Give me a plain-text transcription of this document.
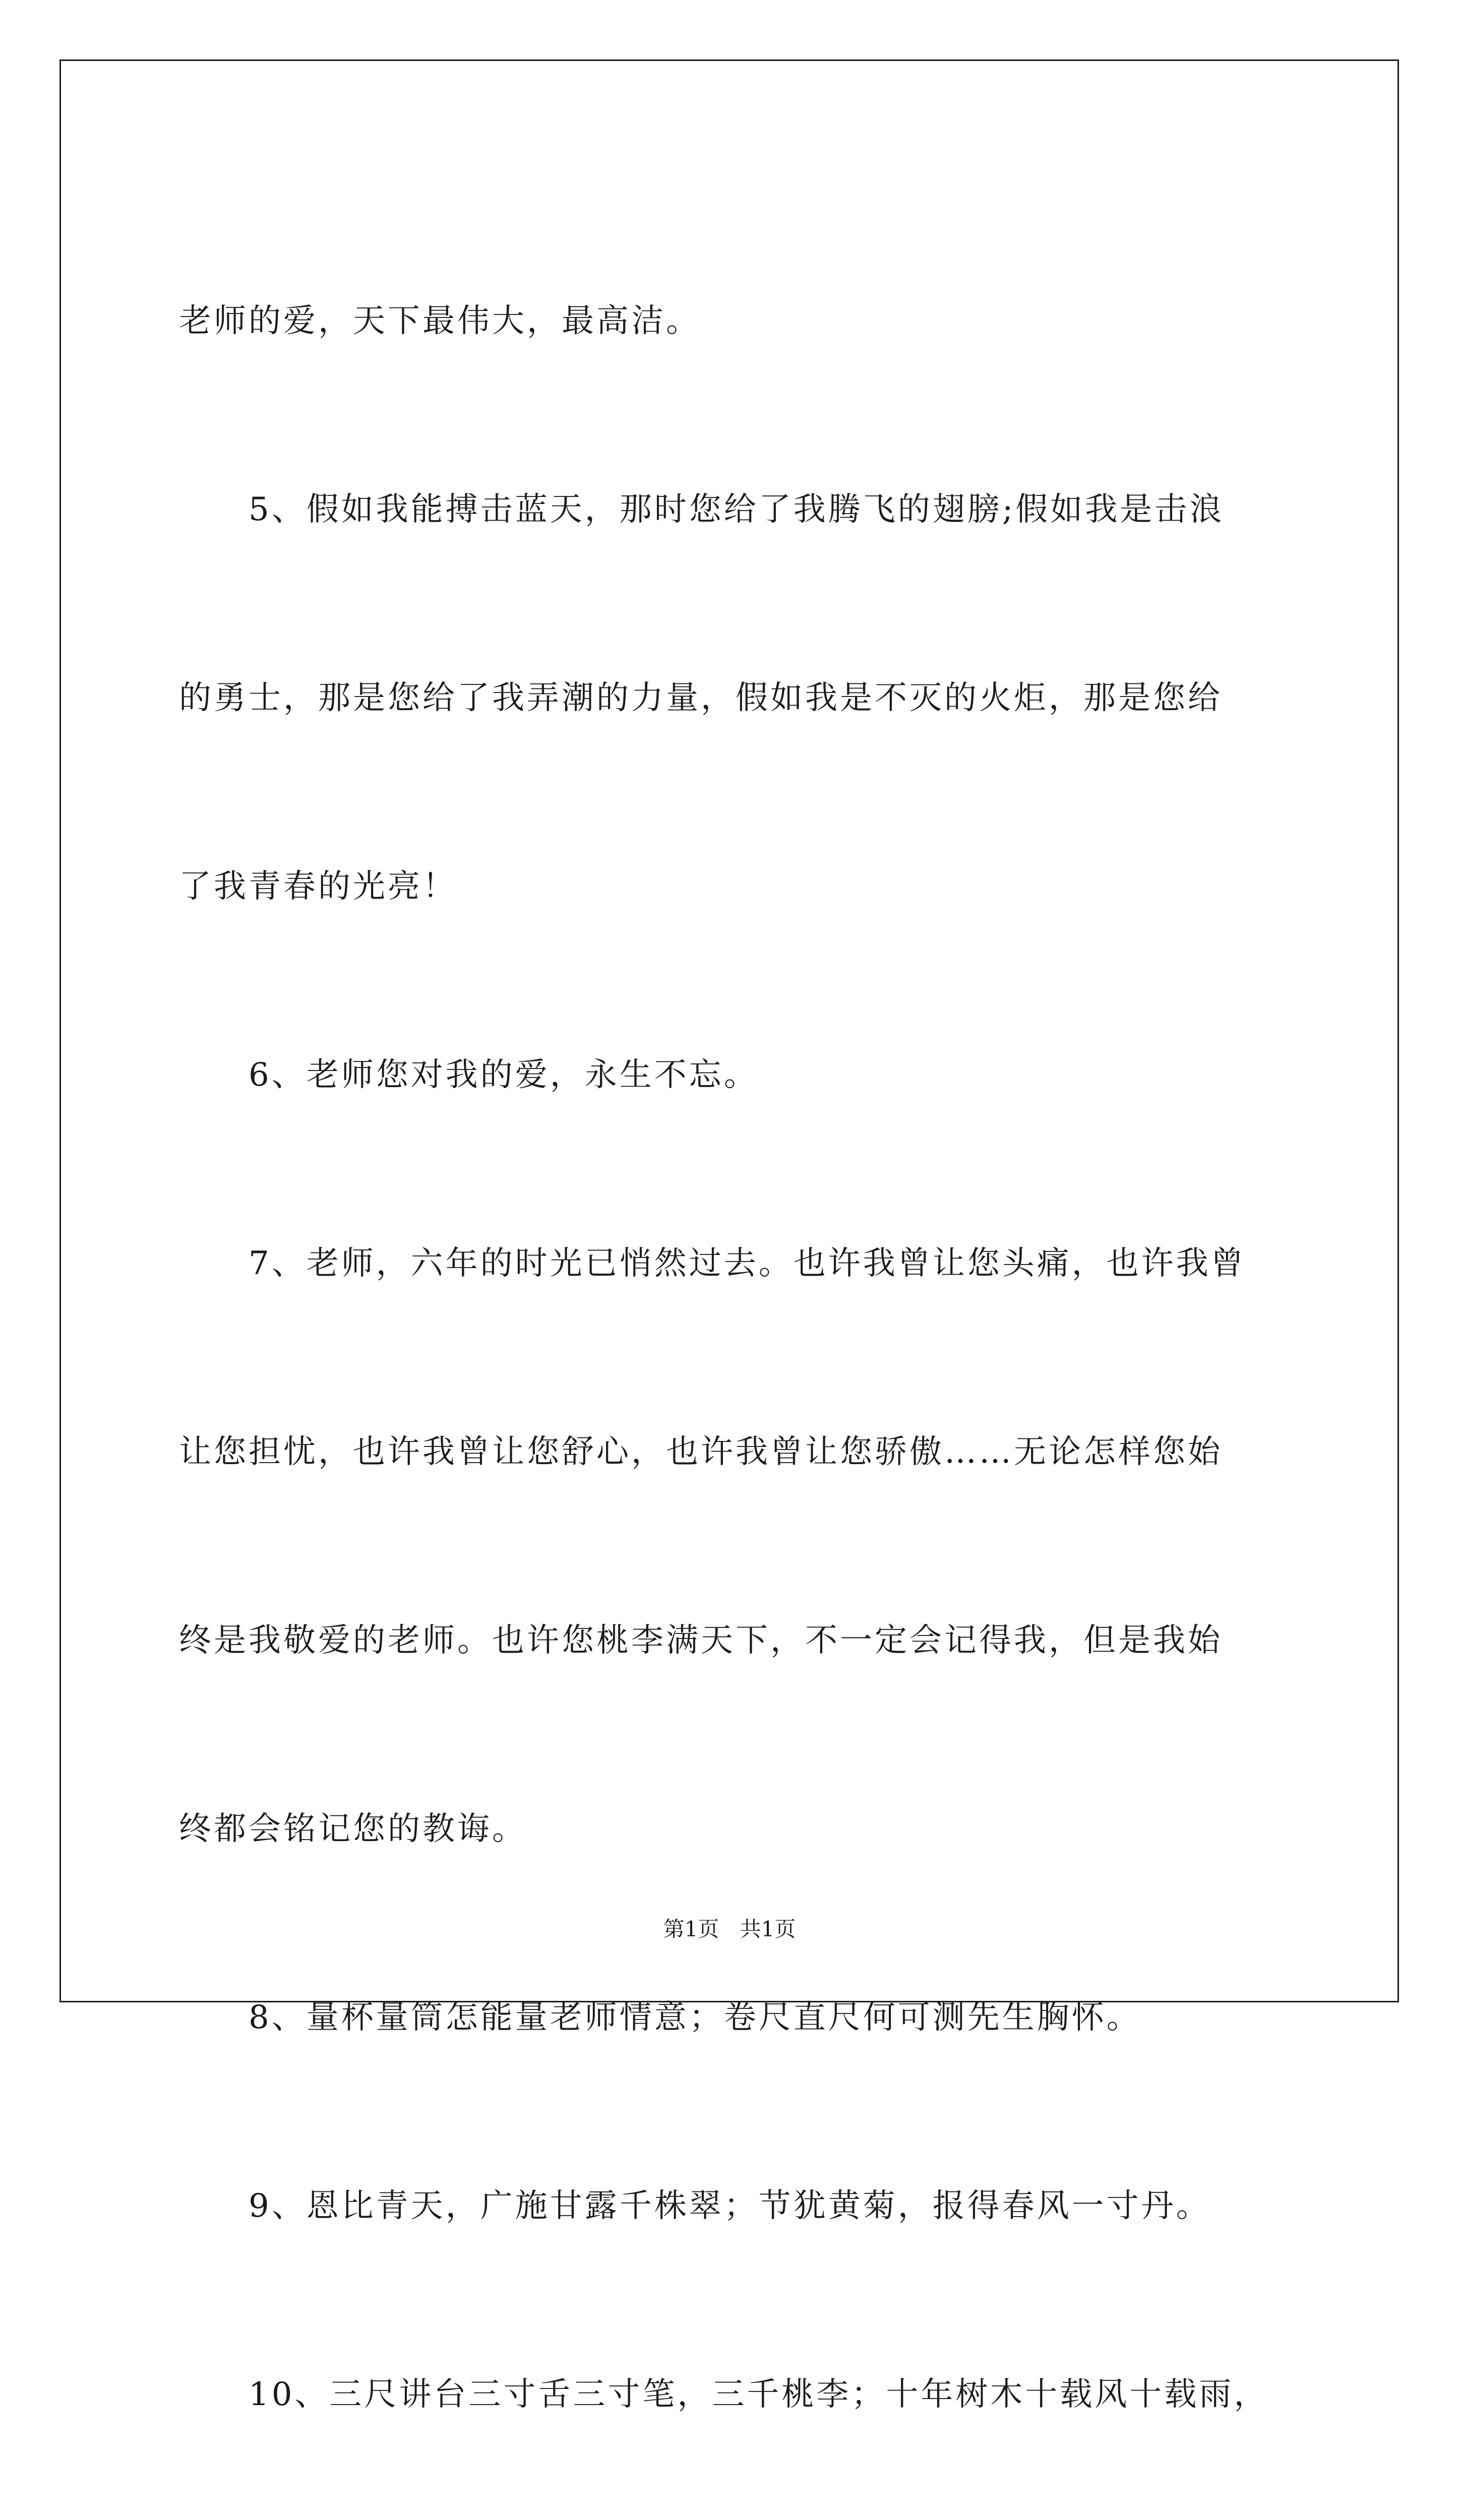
老师的爱，天下最伟大，最高洁。

　　5、假如我能搏击蓝天，那时您给了我腾飞的翅膀;假如我是击浪

的勇士，那是您给了我弄潮的力量，假如我是不灭的火炬，那是您给

了我青春的光亮！

　　6、老师您对我的爱，永生不忘。

　　7、老师，六年的时光已悄然过去。也许我曾让您头痛，也许我曾

让您担忧，也许我曾让您舒心，也许我曾让您骄傲……无论怎样您始

终是我敬爱的老师。也许您桃李满天下，不一定会记得我，但是我始

终都会铭记您的教诲。

　　8、量杯量筒怎能量老师情意；卷尺直尺何可测先生胸怀。

　　9、恩比青天，广施甘露千株翠；节犹黄菊，报得春风一寸丹。

　　10、三尺讲台三寸舌三寸笔，三千桃李；十年树木十载风十载雨，

第1页 共1页
